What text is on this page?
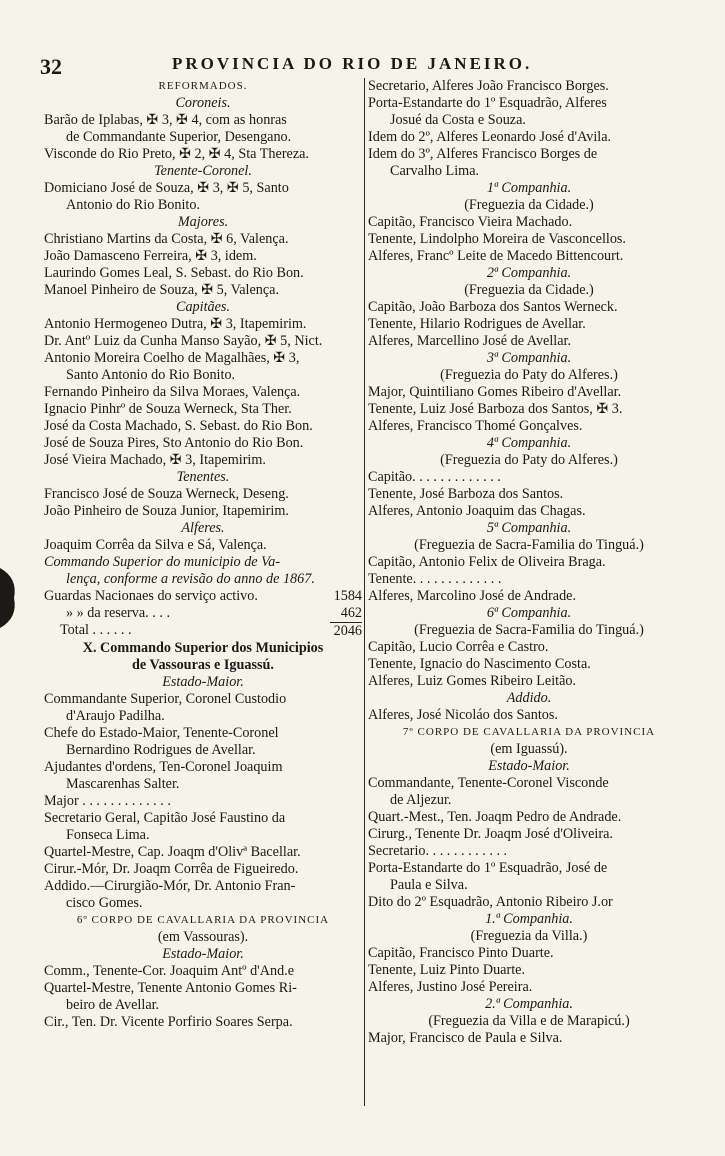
32	PROVINCIA DO RIO DE JANEIRO.
REFORMADOS.
Coroneis.
Barão de Iplabas, ✠ 3, ✠ 4, com as honras
de Commandante Superior, Desengano.
Visconde do Rio Preto, ✠ 2, ✠ 4, Sta Thereza.
Tenente-Coronel.
Domiciano José de Souza, ✠ 3, ✠ 5, Santo
Antonio do Rio Bonito.
Majores.
Christiano Martins da Costa, ✠ 6, Valença.
João Damasceno Ferreira, ✠ 3, idem.
Laurindo Gomes Leal, S. Sebast. do Rio Bon.
Manoel Pinheiro de Souza, ✠ 5, Valença.
Capitães.
Antonio Hermogeneo Dutra, ✠ 3, Itapemirim.
Dr. Antº Luiz da Cunha Manso Sayão, ✠ 5, Nict.
Antonio Moreira Coelho de Magalhães, ✠ 3,
Santo Antonio do Rio Bonito.
Fernando Pinheiro da Silva Moraes, Valença.
Ignacio Pinhrº de Souza Werneck, Sta Ther.
José da Costa Machado, S. Sebast. do Rio Bon.
José de Souza Pires, Sto Antonio do Rio Bon.
José Vieira Machado, ✠ 3, Itapemirim.
Tenentes.
Francisco José de Souza Werneck, Deseng.
João Pinheiro de Souza Junior, Itapemirim.
Alferes.
Joaquim Corrêa da Silva e Sá, Valença.
Commando Superior do municipio de Va-
lença, conforme a revisão do anno de 1867.
Guardas Nacionaes do serviço activo.	1584
» » da reserva. . . .	462
Total . . . . . .	2046
X. Commando Superior dos Municipios
de Vassouras e Iguassú.
Estado-Maior.
Commandante Superior, Coronel Custodio
d'Araujo Padilha.
Chefe do Estado-Maior, Tenente-Coronel
Bernardino Rodrigues de Avellar.
Ajudantes d'ordens, Ten-Coronel Joaquim
Mascarenhas Salter.
Major . . . . . . . . . . . . .
Secretario Geral, Capitão José Faustino da
Fonseca Lima.
Quartel-Mestre, Cap. Joaqm d'Olivª Bacellar.
Cirur.-Mór, Dr. Joaqm Corrêa de Figueiredo.
Addido.—Cirurgião-Mór, Dr. Antonio Fran-
cisco Gomes.
6º CORPO DE CAVALLARIA DA PROVINCIA
(em Vassouras).
Estado-Maior.
Comm., Tenente-Cor. Joaquim Antº d'And.e
Quartel-Mestre, Tenente Antonio Gomes Ri-
beiro de Avellar.
Cir., Ten. Dr. Vicente Porfirio Soares Serpa.
Secretario, Alferes João Francisco Borges.
Porta-Estandarte do 1º Esquadrão, Alferes
Josué da Costa e Souza.
Idem do 2º, Alferes Leonardo José d'Avila.
Idem do 3º, Alferes Francisco Borges de
Carvalho Lima.
1ª Companhia.
(Freguezia da Cidade.)
Capitão, Francisco Vieira Machado.
Tenente, Lindolpho Moreira de Vasconcellos.
Alferes, Francº Leite de Macedo Bittencourt.
2ª Companhia.
(Freguezia da Cidade.)
Capitão, João Barboza dos Santos Werneck.
Tenente, Hilario Rodrigues de Avellar.
Alferes, Marcellino José de Avellar.
3ª Companhia.
(Freguezia do Paty do Alferes.)
Major, Quintiliano Gomes Ribeiro d'Avellar.
Tenente, Luiz José Barboza dos Santos, ✠ 3.
Alferes, Francisco Thomé Gonçalves.
4ª Companhia.
(Freguezia do Paty do Alferes.)
Capitão. . . . . . . . . . . . .
Tenente, José Barboza dos Santos.
Alferes, Antonio Joaquim das Chagas.
5ª Companhia.
(Freguezia de Sacra-Familia do Tinguá.)
Capitão, Antonio Felix de Oliveira Braga.
Tenente. . . . . . . . . . . . .
Alferes, Marcolino José de Andrade.
6ª Companhia.
(Freguezia de Sacra-Familia do Tinguá.)
Capitão, Lucio Corrêa e Castro.
Tenente, Ignacio do Nascimento Costa.
Alferes, Luiz Gomes Ribeiro Leitão.
Addido.
Alferes, José Nicoláo dos Santos.
7º CORPO DE CAVALLARIA DA PROVINCIA
(em Iguassú).
Estado-Maior.
Commandante, Tenente-Coronel Visconde
de Aljezur.
Quart.-Mest., Ten. Joaqm Pedro de Andrade.
Cirurg., Tenente Dr. Joaqm José d'Oliveira.
Secretario. . . . . . . . . . . .
Porta-Estandarte do 1º Esquadrão, José de
Paula e Silva.
Dito do 2º Esquadrão, Antonio Ribeiro J.or
1.ª Companhia.
(Freguezia da Villa.)
Capitão, Francisco Pinto Duarte.
Tenente, Luiz Pinto Duarte.
Alferes, Justino José Pereira.
2.ª Companhia.
(Freguezia da Villa e de Marapicú.)
Major, Francisco de Paula e Silva.
